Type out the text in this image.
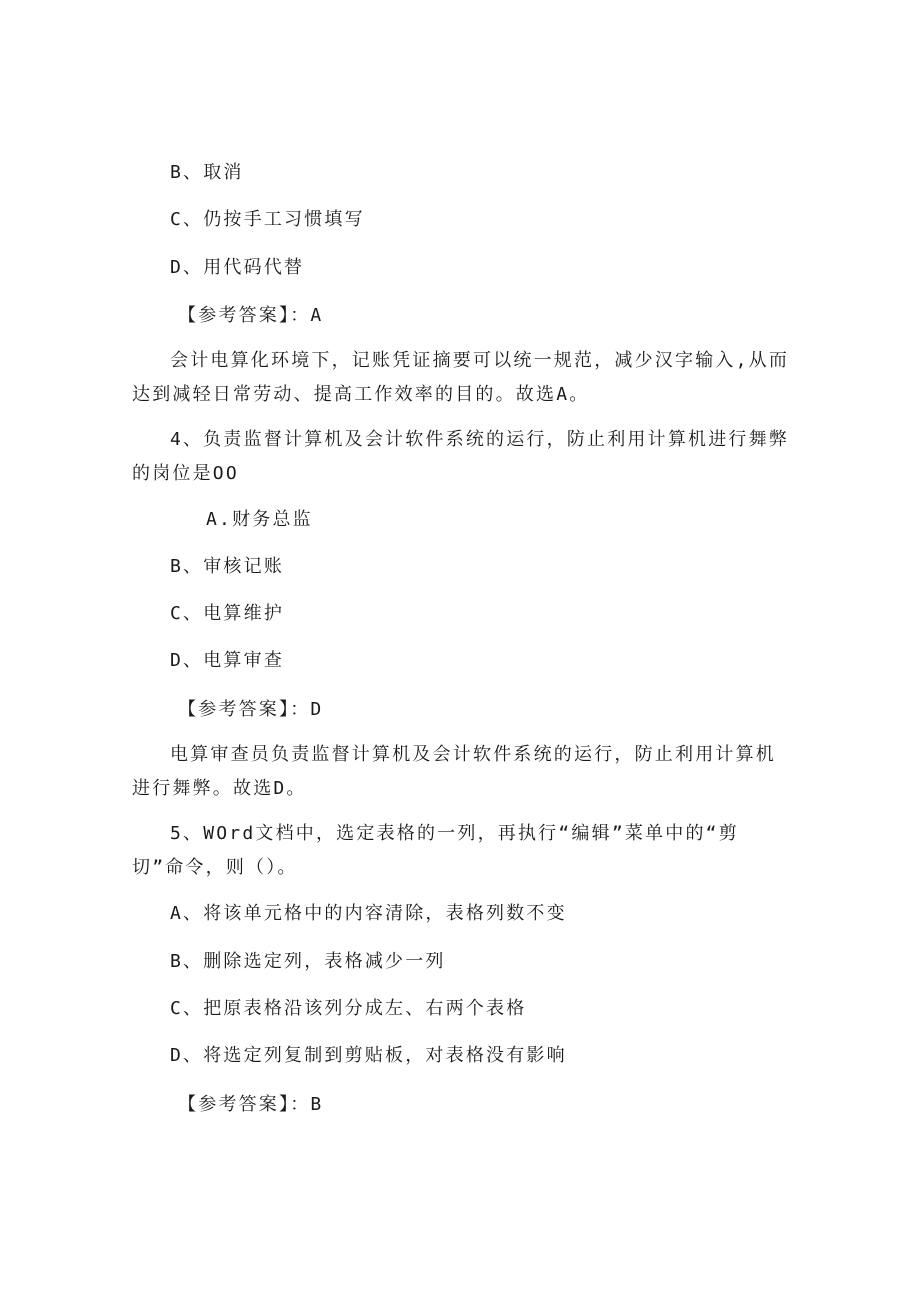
B、取消
C、仍按手工习惯填写
D、用代码代替
【参考答案】：A
会计电算化环境下，记账凭证摘要可以统一规范，减少汉字输入,从而达到减轻日常劳动、提高工作效率的目的。故选A。
4、负责监督计算机及会计软件系统的运行，防止利用计算机进行舞弊的岗位是OO
A.财务总监
B、审核记账
C、电算维护
D、电算审查
【参考答案】：D
电算审查员负责监督计算机及会计软件系统的运行，防止利用计算机进行舞弊。故选D。
5、WOrd文档中，选定表格的一列，再执行“编辑”菜单中的“剪切”命令，则（）。
A、将该单元格中的内容清除，表格列数不变
B、删除选定列，表格减少一列
C、把原表格沿该列分成左、右两个表格
D、将选定列复制到剪贴板，对表格没有影响
【参考答案】：B
